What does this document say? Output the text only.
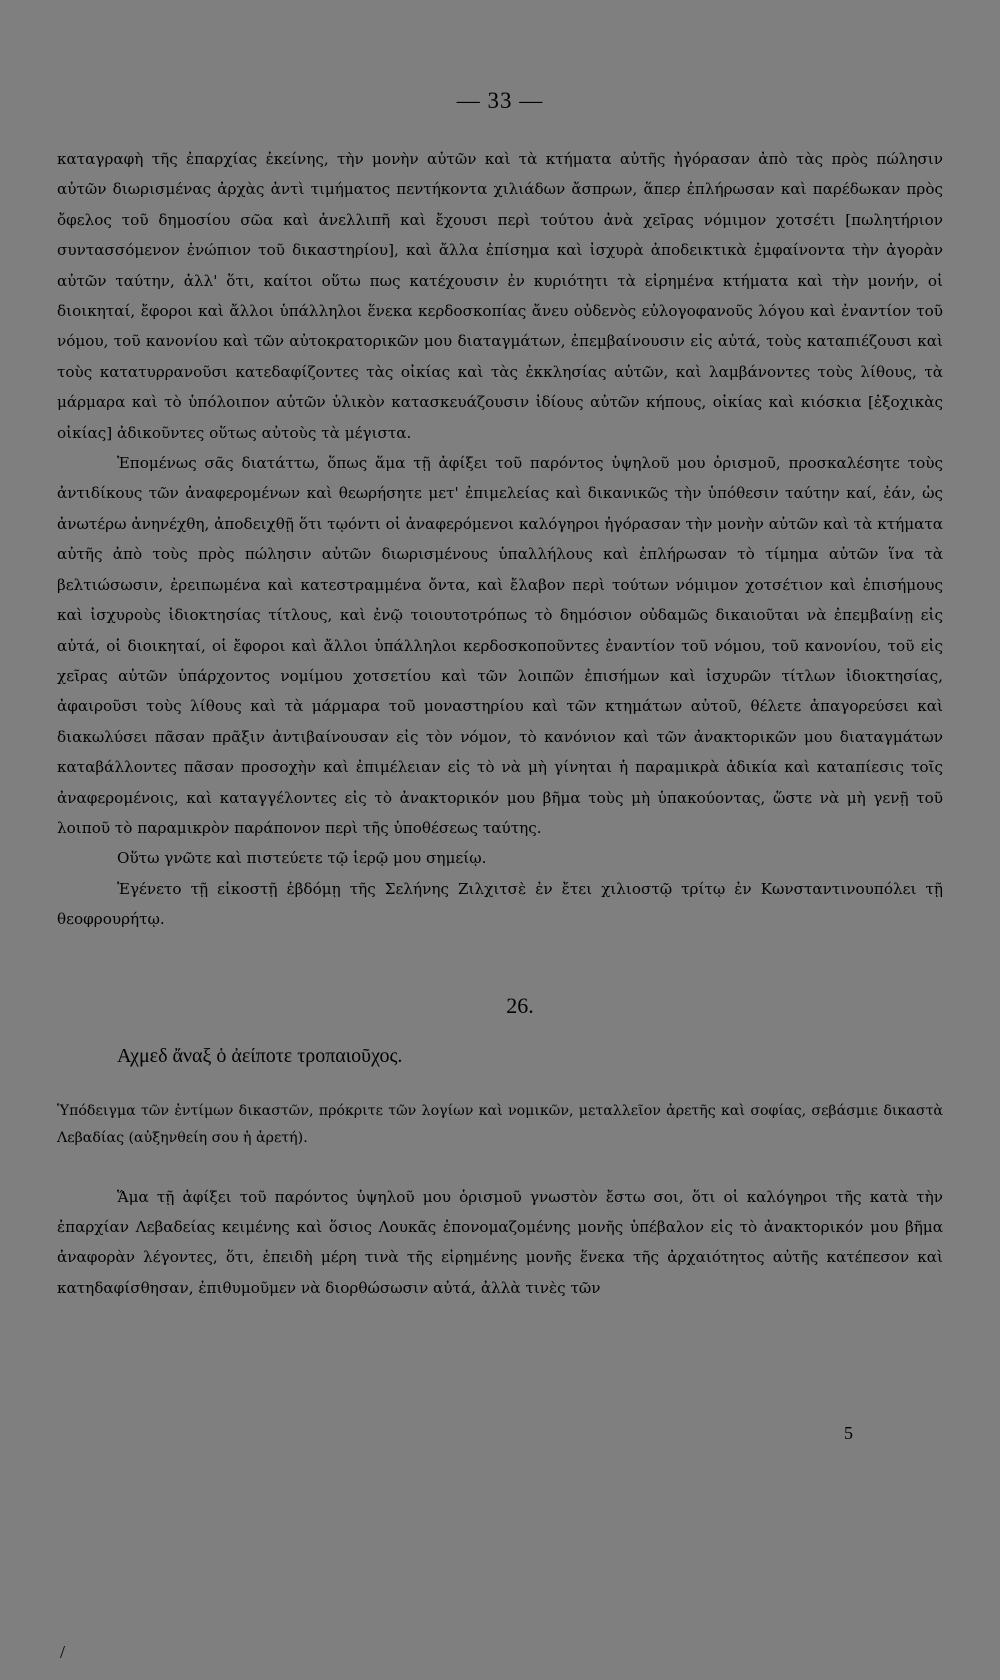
— 33 —

καταγραφὴ τῆς ἐπαρχίας ἐκείνης, τὴν μονὴν αὐτῶν καὶ τὰ κτήματα αὐτῆς ἠγόρασαν ἀπὸ τὰς πρὸς πώλησιν αὐτῶν διωρισμένας ἀρχὰς ἀντὶ τιμήματος πεντήκοντα χιλιάδων ἄσπρων, ἅπερ ἐπλήρωσαν καὶ παρέδωκαν πρὸς ὄφελος τοῦ δημοσίου σῶα καὶ ἀνελλιπῆ καὶ ἔχουσι περὶ τούτου ἀνὰ χεῖρας νόμιμον χοτσέτι [πωλητήριον συντασσόμενον ἐνώπιον τοῦ δικαστηρίου], καὶ ἄλλα ἐπίσημα καὶ ἰσχυρὰ ἀποδεικτικὰ ἐμφαίνοντα τὴν ἀγορὰν αὐτῶν ταύτην, ἀλλ' ὅτι, καίτοι οὕτω πως κατέχουσιν ἐν κυριότητι τὰ εἰρημένα κτήματα καὶ τὴν μονήν, οἱ διοικηταί, ἔφοροι καὶ ἄλλοι ὑπάλληλοι ἕνεκα κερδοσκοπίας ἄνευ οὐδενὸς εὐλογοφανοῦς λόγου καὶ ἐναντίον τοῦ νόμου, τοῦ κανονίου καὶ τῶν αὐτοκρατορικῶν μου διαταγμάτων, ἐπεμβαίνουσιν εἰς αὐτά, τοὺς καταπιέζουσι καὶ τοὺς κατατυρρανοῦσι κατεδαφίζοντες τὰς οἰκίας καὶ τὰς ἐκκλησίας αὐτῶν, καὶ λαμβάνοντες τοὺς λίθους, τὰ μάρμαρα καὶ τὸ ὑπόλοιπον αὐτῶν ὑλικὸν κατασκευάζουσιν ἰδίους αὐτῶν κήπους, οἰκίας καὶ κιόσκια [ἐξοχικὰς οἰκίας] ἀδικοῦντες οὕτως αὐτοὺς τὰ μέγιστα.

Ἑπομένως σᾶς διατάττω, ὅπως ἅμα τῇ ἀφίξει τοῦ παρόντος ὑψηλοῦ μου ὁρισμοῦ, προσκαλέσητε τοὺς ἀντιδίκους τῶν ἀναφερομένων καὶ θεωρήσητε μετ' ἐπιμελείας καὶ δικανικῶς τὴν ὑπόθεσιν ταύτην καί, ἐάν, ὡς ἀνωτέρω ἀνηνέχθη, ἀποδειχθῇ ὅτι τῳόντι οἱ ἀναφερόμενοι καλόγηροι ἠγόρασαν τὴν μονὴν αὐτῶν καὶ τὰ κτήματα αὐτῆς ἀπὸ τοὺς πρὸς πώλησιν αὐτῶν διωρισμένους ὑπαλλήλους καὶ ἐπλήρωσαν τὸ τίμημα αὐτῶν ἵνα τὰ βελτιώσωσιν, ἐρειπωμένα καὶ κατεστραμμένα ὄντα, καὶ ἔλαβον περὶ τούτων νόμιμον χοτσέτιον καὶ ἐπισήμους καὶ ἰσχυροὺς ἰδιοκτησίας τίτλους, καὶ ἐνῷ τοιουτοτρόπως τὸ δημόσιον οὐδαμῶς δικαιοῦται νὰ ἐπεμβαίνῃ εἰς αὐτά, οἱ διοικηταί, οἱ ἔφοροι καὶ ἄλλοι ὑπάλληλοι κερδοσκοποῦντες ἐναντίον τοῦ νόμου, τοῦ κανονίου, τοῦ εἰς χεῖρας αὐτῶν ὑπάρχοντος νομίμου χοτσετίου καὶ τῶν λοιπῶν ἐπισήμων καὶ ἰσχυρῶν τίτλων ἰδιοκτησίας, ἀφαιροῦσι τοὺς λίθους καὶ τὰ μάρμαρα τοῦ μοναστηρίου καὶ τῶν κτημάτων αὐτοῦ, θέλετε ἀπαγορεύσει καὶ διακωλύσει πᾶσαν πρᾶξιν ἀντιβαίνουσαν εἰς τὸν νόμον, τὸ κανόνιον καὶ τῶν ἀνακτορικῶν μου διαταγμάτων καταβάλλοντες πᾶσαν προσοχὴν καὶ ἐπιμέλειαν εἰς τὸ νὰ μὴ γίνηται ἡ παραμικρὰ ἀδικία καὶ καταπίεσις τοῖς ἀναφερομένοις, καὶ καταγγέλοντες εἰς τὸ ἀνακτορικόν μου βῆμα τοὺς μὴ ὑπακούοντας, ὥστε νὰ μὴ γενῇ τοῦ λοιποῦ τὸ παραμικρὸν παράπονον περὶ τῆς ὑποθέσεως ταύτης.

Οὕτω γνῶτε καὶ πιστεύετε τῷ ἱερῷ μου σημείῳ.

Ἐγένετο τῇ εἰκοστῇ ἑβδόμῃ τῆς Σελήνης Ζιλχιτσὲ ἐν ἔτει χιλιοστῷ τρίτῳ ἐν Κωνσταντινουπόλει τῇ θεοφρουρήτῳ.

26.
Αχμεδ ἄναξ ὁ ἀείποτε τροπαιοῦχος.

Ὑπόδειγμα τῶν ἐντίμων δικαστῶν, πρόκριτε τῶν λογίων καὶ νομικῶν, μεταλλεῖον ἀρετῆς καὶ σοφίας, σεβάσμιε δικαστὰ Λεβαδίας (αὐξηνθείη σου ἡ ἀρετή).

Ἅμα τῇ ἀφίξει τοῦ παρόντος ὑψηλοῦ μου ὁρισμοῦ γνωστὸν ἔστω σοι, ὅτι οἱ καλόγηροι τῆς κατὰ τὴν ἐπαρχίαν Λεβαδείας κειμένης καὶ ὅσιος Λουκᾶς ἐπονομαζομένης μονῆς ὑπέβαλον εἰς τὸ ἀνακτορικόν μου βῆμα ἀναφορὰν λέγοντες, ὅτι, ἐπειδὴ μέρη τινὰ τῆς εἰρημένης μονῆς ἕνεκα τῆς ἀρχαιότητος αὐτῆς κατέπεσον καὶ κατηδαφίσθησαν, ἐπιθυμοῦμεν νὰ διορθώσωσιν αὐτά, ἀλλὰ τινὲς τῶν

5
/
